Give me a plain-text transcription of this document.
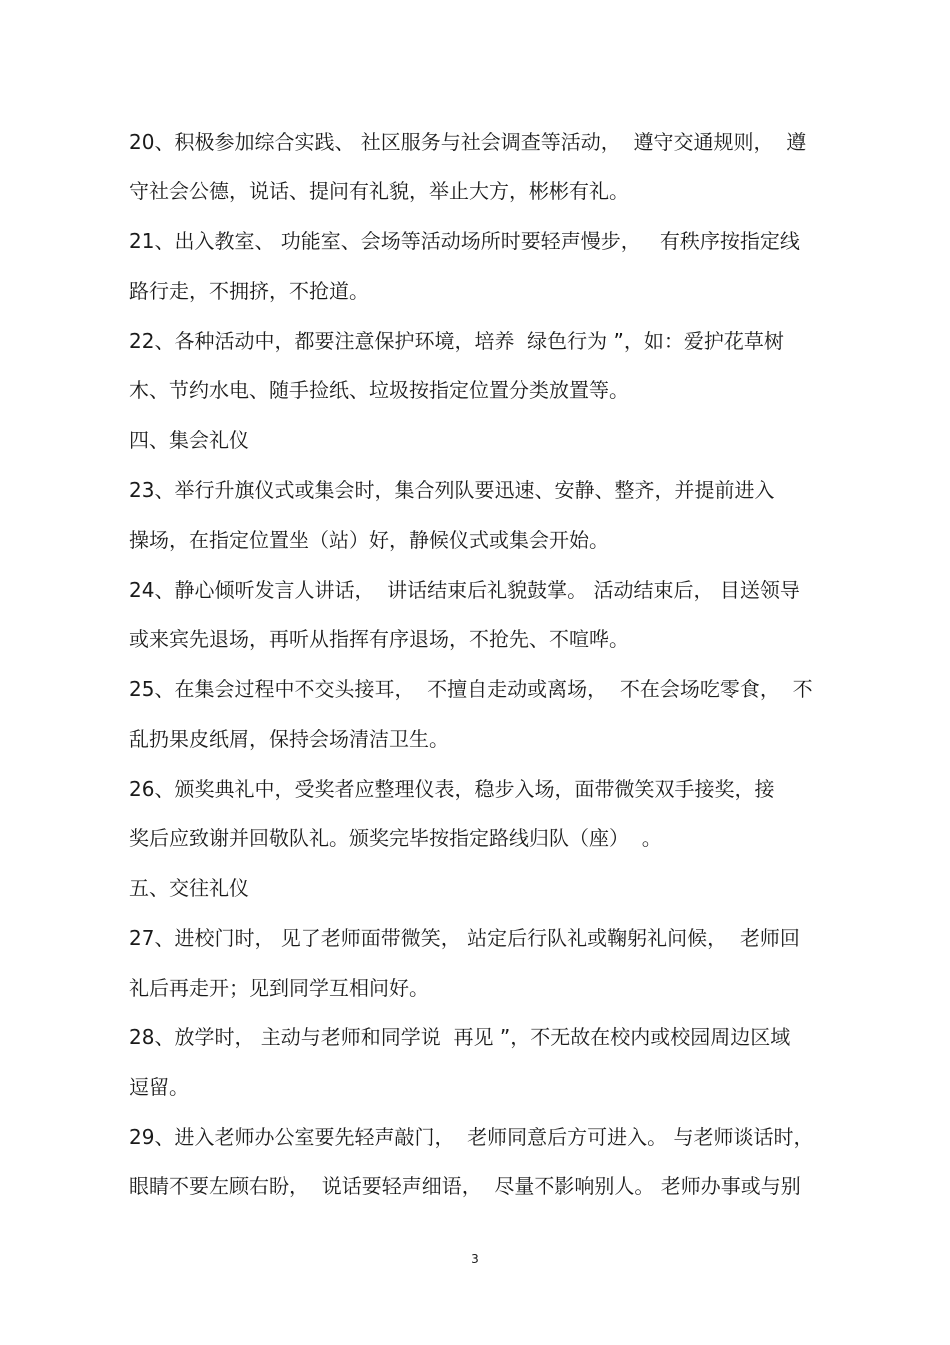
20、积极参加综合实践、 社区服务与社会调查等活动，  遵守交通规则，  遵
守社会公德，说话、提问有礼貌，举止大方，彬彬有礼。
21、出入教室、 功能室、会场等活动场所时要轻声慢步，   有秩序按指定线
路行走，不拥挤，不抢道。
22、各种活动中，都要注意保护环境，培养  绿色行为 ”，如：爱护花草树
木、节约水电、随手捡纸、垃圾按指定位置分类放置等。
四、集会礼仪
23、举行升旗仪式或集会时，集合列队要迅速、安静、整齐，并提前进入
操场，在指定位置坐（站）好，静候仪式或集会开始。
24、静心倾听发言人讲话，  讲话结束后礼貌鼓掌。 活动结束后， 目送领导
或来宾先退场，再听从指挥有序退场，不抢先、不喧哗。
25、在集会过程中不交头接耳，  不擅自走动或离场，  不在会场吃零食，  不
乱扔果皮纸屑，保持会场清洁卫生。
26、颁奖典礼中，受奖者应整理仪表，稳步入场，面带微笑双手接奖，接
奖后应致谢并回敬队礼。颁奖完毕按指定路线归队（座）  。
五、交往礼仪
27、进校门时， 见了老师面带微笑， 站定后行队礼或鞠躬礼问候，  老师回
礼后再走开；见到同学互相问好。
28、放学时， 主动与老师和同学说  再见 ”，不无故在校内或校园周边区域
逗留。
29、进入老师办公室要先轻声敲门，  老师同意后方可进入。 与老师谈话时，
眼睛不要左顾右盼，  说话要轻声细语，  尽量不影响别人。 老师办事或与别
3
